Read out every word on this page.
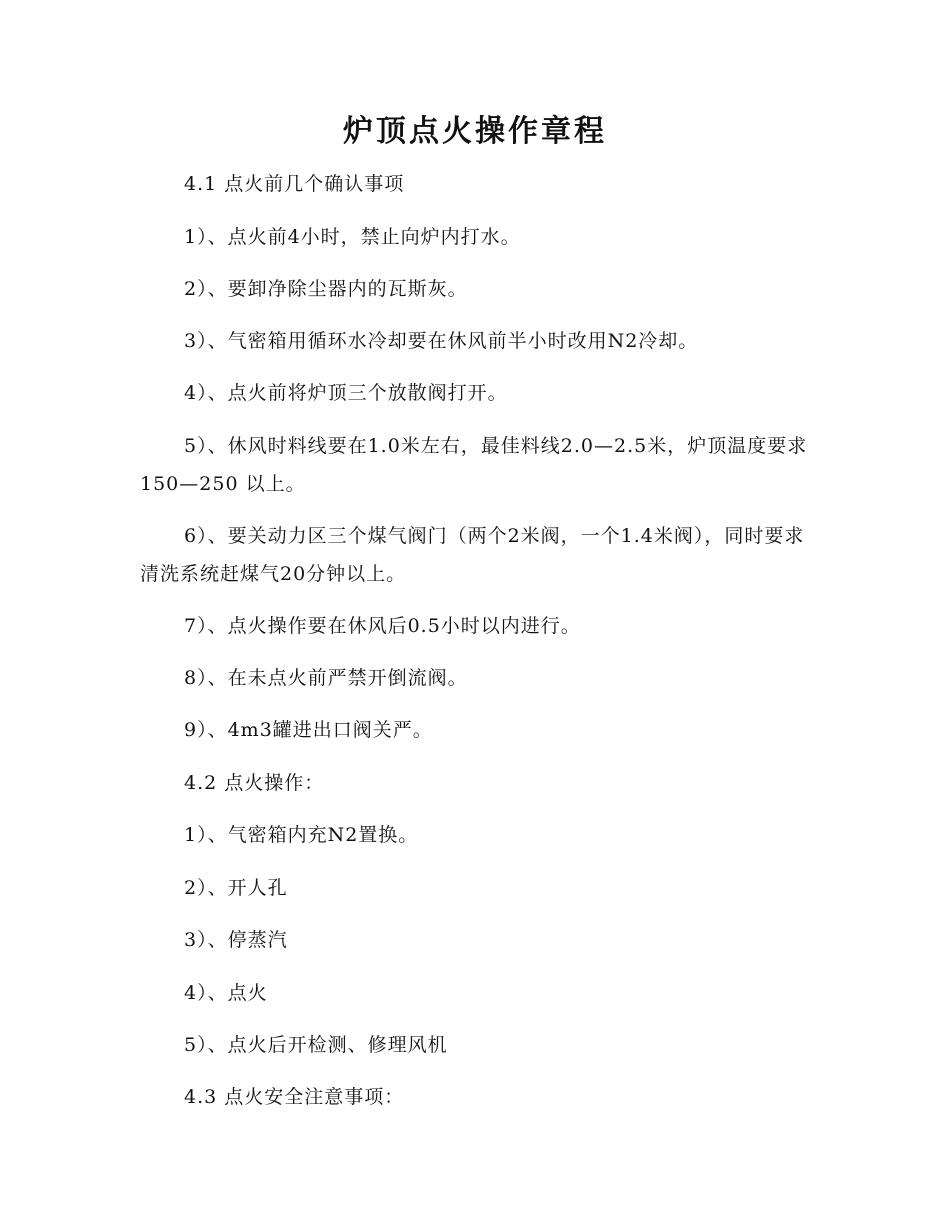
炉顶点火操作章程
4.1 点火前几个确认事项
1）、点火前4小时，禁止向炉内打水。
2）、要卸净除尘器内的瓦斯灰。
3）、气密箱用循环水冷却要在休风前半小时改用N2冷却。
4）、点火前将炉顶三个放散阀打开。
5）、休风时料线要在1.0米左右，最佳料线2.0—2.5米，炉顶温度要求150—250 以上。
6）、要关动力区三个煤气阀门（两个2米阀，一个1.4米阀），同时要求清洗系统赶煤气20分钟以上。
7）、点火操作要在休风后0.5小时以内进行。
8）、在未点火前严禁开倒流阀。
9）、4m3罐进出口阀关严。
4.2 点火操作：
1）、气密箱内充N2置换。
2）、开人孔
3）、停蒸汽
4）、点火
5）、点火后开检测、修理风机
4.3 点火安全注意事项：
